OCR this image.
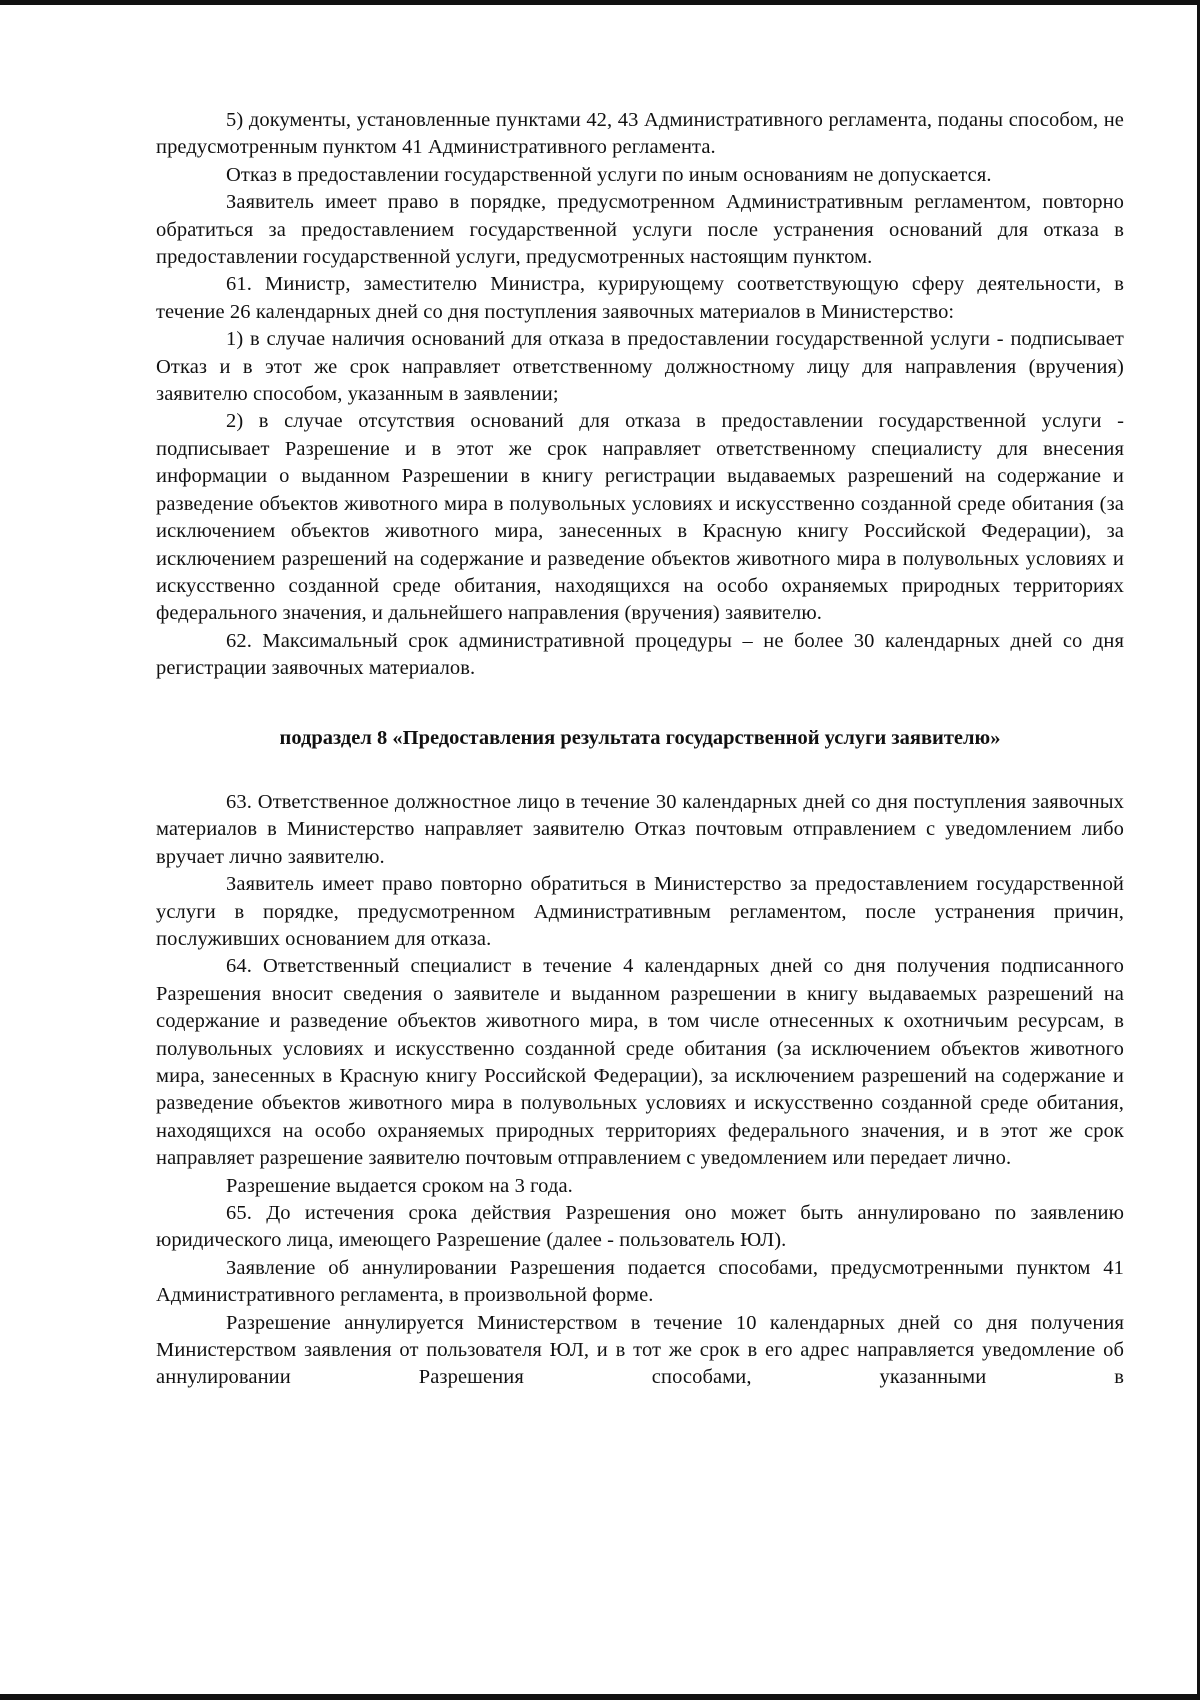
5) документы, установленные пунктами 42, 43 Административного регламента, поданы способом, не предусмотренным пунктом 41 Административного регламента.

Отказ в предоставлении государственной услуги по иным основаниям не допускается.

Заявитель имеет право в порядке, предусмотренном Административным регламентом, повторно обратиться за предоставлением государственной услуги после устранения оснований для отказа в предоставлении государственной услуги, предусмотренных настоящим пунктом.

61. Министр, заместителю Министра, курирующему соответствующую сферу деятельности, в течение 26 календарных дней со дня поступления заявочных материалов в Министерство:

1) в случае наличия оснований для отказа в предоставлении государственной услуги - подписывает Отказ и в этот же срок направляет ответственному должностному лицу для направления (вручения) заявителю способом, указанным в заявлении;

2) в случае отсутствия оснований для отказа в предоставлении государственной услуги - подписывает Разрешение и в этот же срок направляет ответственному специалисту для внесения информации о выданном Разрешении в книгу регистрации выдаваемых разрешений на содержание и разведение объектов животного мира в полувольных условиях и искусственно созданной среде обитания (за исключением объектов животного мира, занесенных в Красную книгу Российской Федерации), за исключением разрешений на содержание и разведение объектов животного мира в полувольных условиях и искусственно созданной среде обитания, находящихся на особо охраняемых природных территориях федерального значения, и дальнейшего направления (вручения) заявителю.

62. Максимальный срок административной процедуры – не более 30 календарных дней со дня регистрации заявочных материалов.

подраздел 8 «Предоставления результата государственной услуги заявителю»

63. Ответственное должностное лицо в течение 30 календарных дней со дня поступления заявочных материалов в Министерство направляет заявителю Отказ почтовым отправлением с уведомлением либо вручает лично заявителю.

Заявитель имеет право повторно обратиться в Министерство за предоставлением государственной услуги в порядке, предусмотренном Административным регламентом, после устранения причин, послуживших основанием для отказа.

64. Ответственный специалист в течение 4 календарных дней со дня получения подписанного Разрешения вносит сведения о заявителе и выданном разрешении в книгу выдаваемых разрешений на содержание и разведение объектов животного мира, в том числе отнесенных к охотничьим ресурсам, в полувольных условиях и искусственно созданной среде обитания (за исключением объектов животного мира, занесенных в Красную книгу Российской Федерации), за исключением разрешений на содержание и разведение объектов животного мира в полувольных условиях и искусственно созданной среде обитания, находящихся на особо охраняемых природных территориях федерального значения, и в этот же срок направляет разрешение заявителю почтовым отправлением с уведомлением или передает лично.

Разрешение выдается сроком на 3 года.

65. До истечения срока действия Разрешения оно может быть аннулировано по заявлению юридического лица, имеющего Разрешение (далее - пользователь ЮЛ).

Заявление об аннулировании Разрешения подается способами, предусмотренными пунктом 41 Административного регламента, в произвольной форме.

Разрешение аннулируется Министерством в течение 10 календарных дней со дня получения Министерством заявления от пользователя ЮЛ, и в тот же срок в его адрес направляется уведомление об аннулировании Разрешения способами, указанными в
